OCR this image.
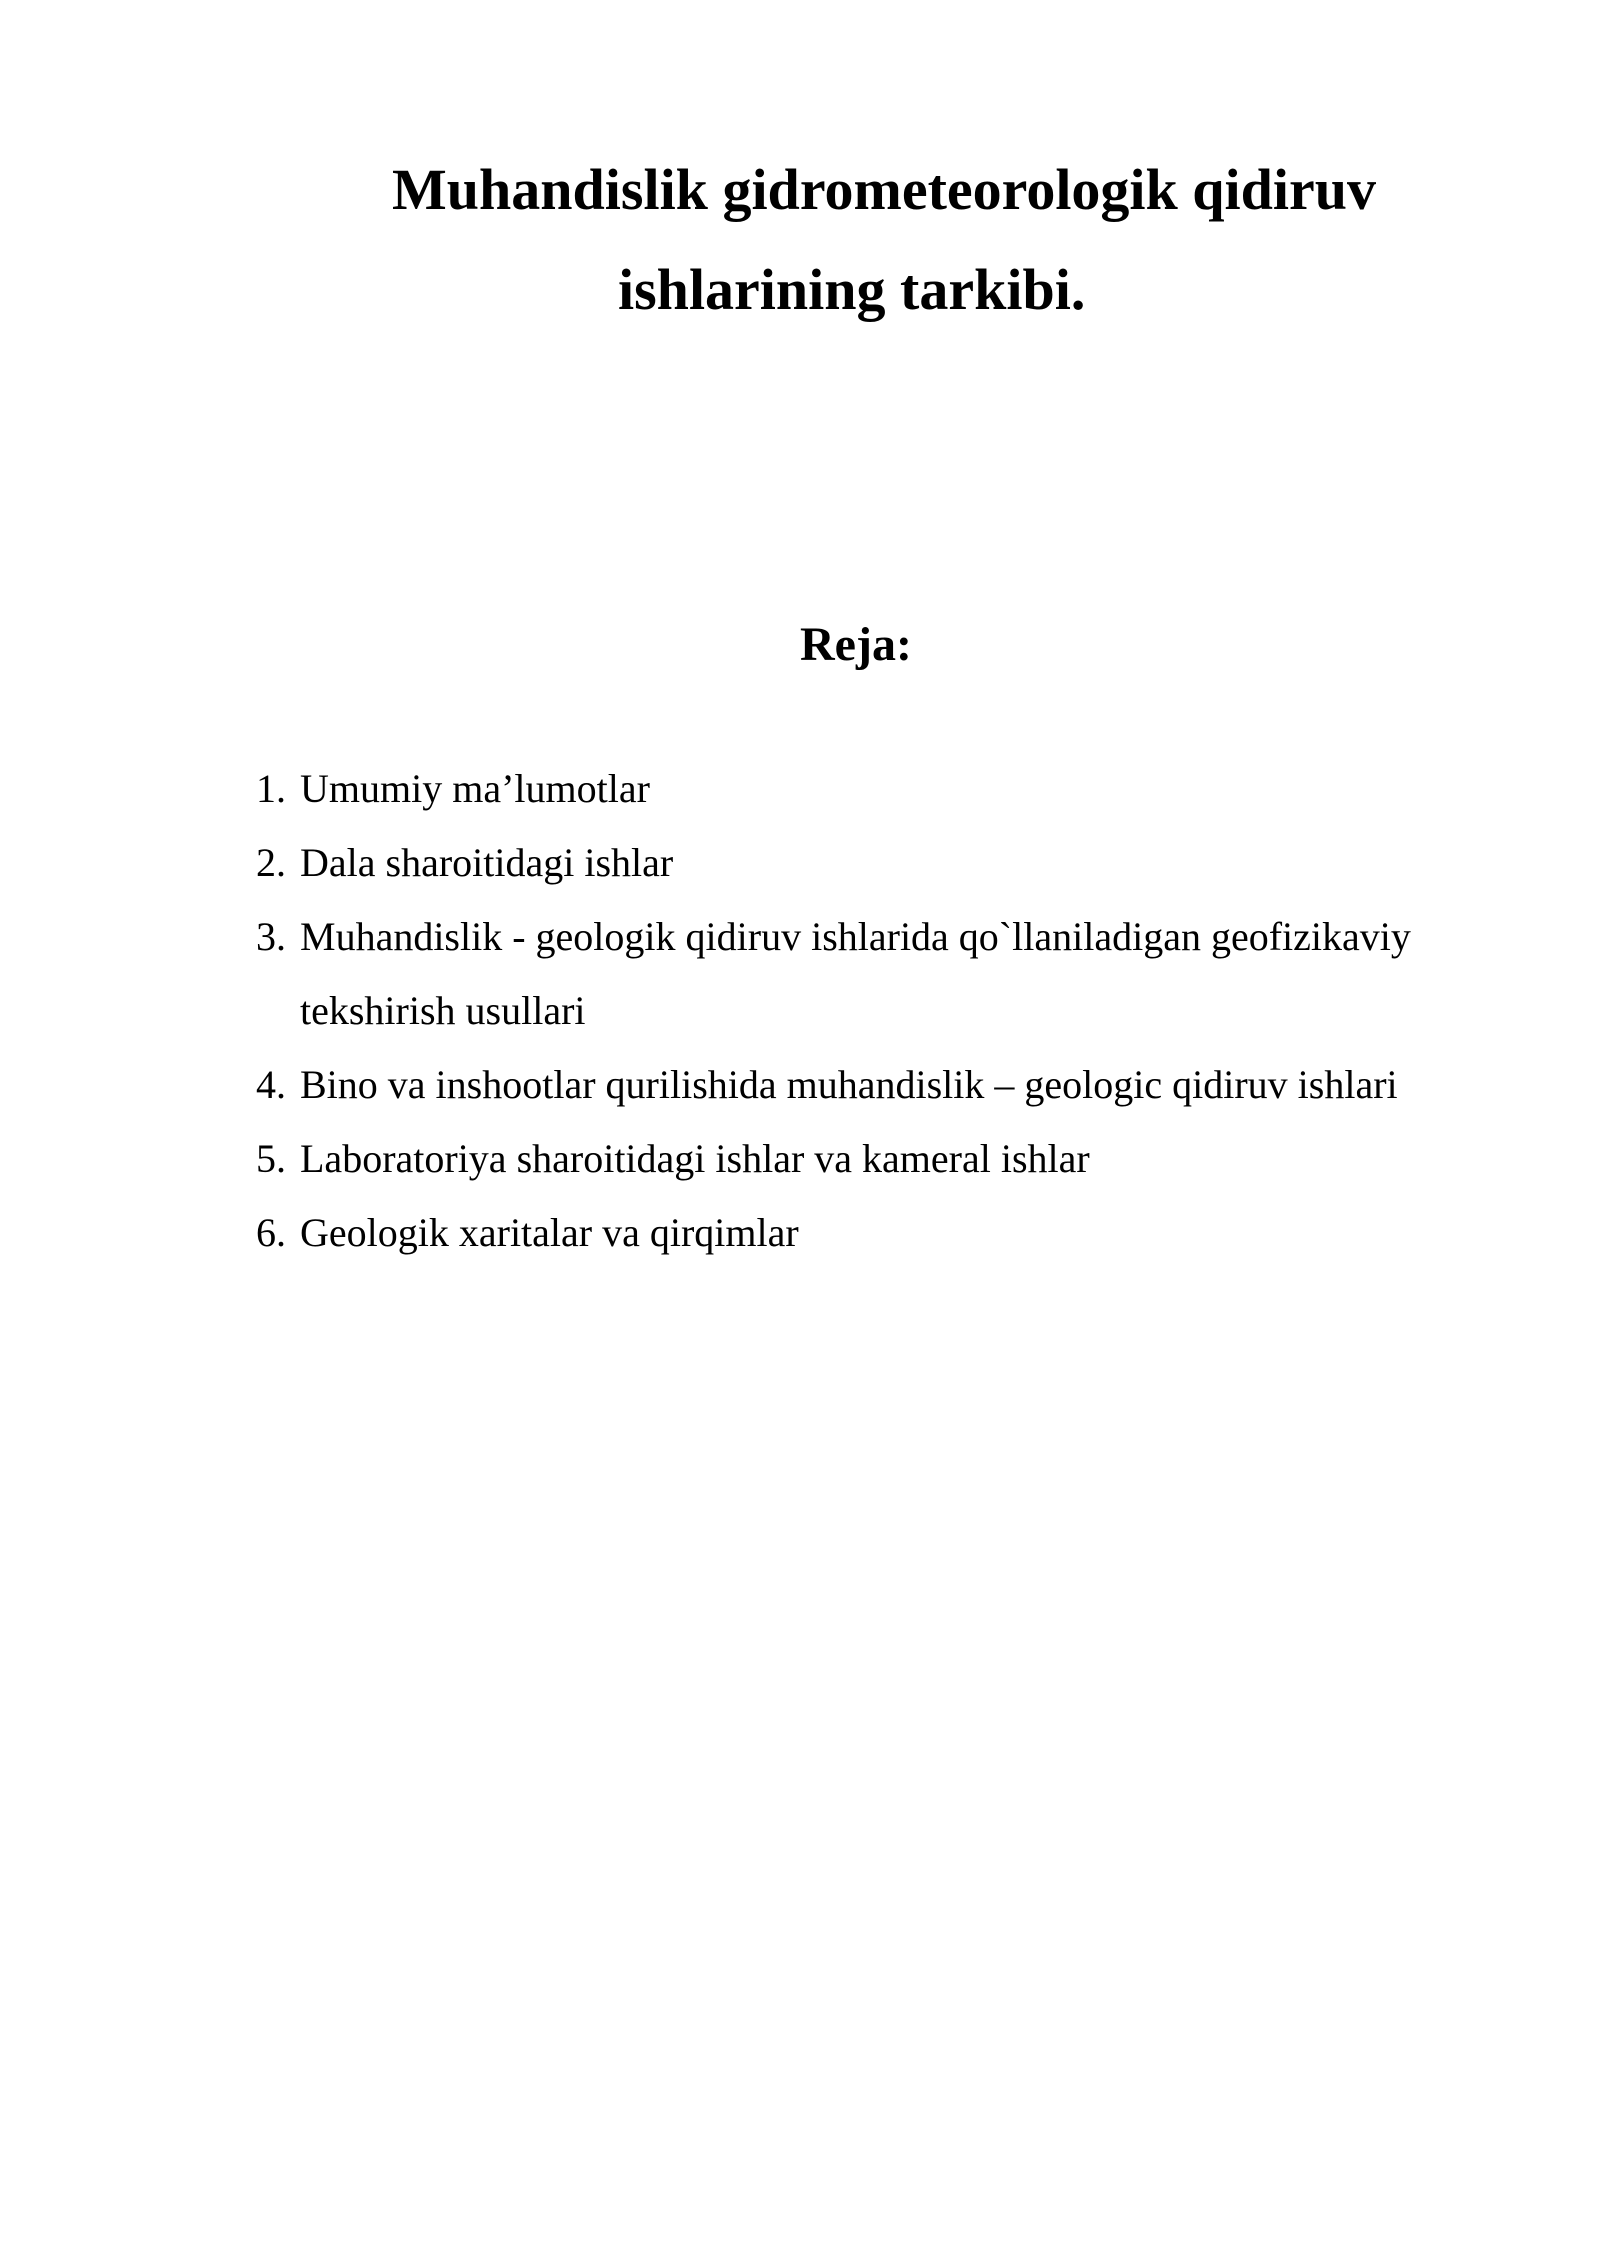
Muhandislik gidrometeorologik qidiruv
ishlarining tarkibi.
Reja:
1. Umumiy ma’lumotlar
2. Dala sharoitidagi ishlar
3. Muhandislik - geologik qidiruv ishlarida qo`llaniladigan geofizikaviy tekshirish usullari
4. Bino va inshootlar qurilishida muhandislik – geologic qidiruv ishlari
5. Laboratoriya sharoitidagi ishlar va kameral ishlar
6. Geologik xaritalar va qirqimlar
